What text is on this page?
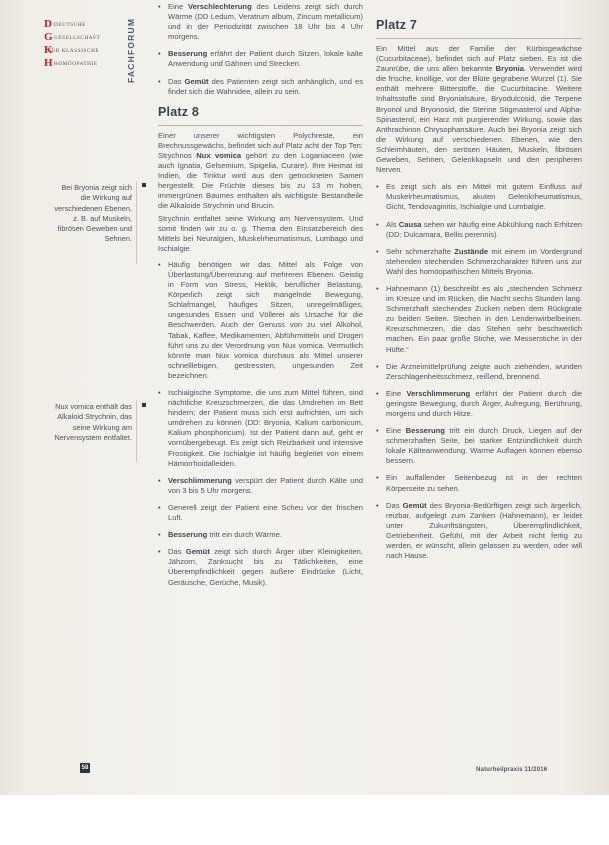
D DEUTSCHE
G GESELLSCHAFT
K
FÜR KLASSISCHE
H HOMÖOPATHIE	FACHFORUM
Bei Bryonia zeigt sich die Wirkung auf verschiedenen Ebenen, z. B. auf Muskeln, fibrösen Geweben und Sehnen.
Nux vomica enthält das Alkaloid Strychnin, das seine Wirkung am Nervensystem entfaltet.
• Eine Verschlechterung des Leidens zeigt sich durch Wärme (DD Ledum, Veratrum album, Zincum metallicum) und in der Periodizität zwischen 18 Uhr bis 4 Uhr morgens.
• Besserung erfährt der Patient durch Sitzen, lokale kalte Anwendung und Gähnen und Strecken.
• Das Gemüt des Patienten zeigt sich anhänglich, und es findet sich die Wahnidee, allein zu sein.
Platz 8

Einer unserer wichtigsten Polychreste, ein Brechnussgewächs, befindet sich auf Platz acht der Top Ten: Strychnos Nux vomica gehört zu den Loganiaceen (wie auch Ignatia, Gelsemium, Spigelia, Curare). Ihre Heimat ist Indien, die Tinktur wird aus den getrockneten Samen hergestellt. Die Früchte dieses bis zu 13 m hohen, immergrünen Baumes enthalten als wichtigste Bestandteile die Alkaloide Strychnin und Brucin.

Strychnin entfaltet seine Wirkung am Nervensystem. Und somit finden wir zu o. g. Thema den Einsatzbereich des Mittels bei Neuralgien, Muskelrheumatismus, Lumbago und Ischialgie.

• Häufig benötigen wir das Mittel als Folge von Überlastung/Überreizung auf mehreren Ebenen. Geistig in Form von Stress, Hektik, beruflicher Belastung, Körperlich zeigt sich mangelnde Bewegung, Schlafmangel, häufiges Sitzen, unregelmäßiges, ungesundes Essen und Völlerei als Ursache für die Beschwerden. Auch der Genuss von zu viel Alkohol, Tabak, Kaffee, Medikamenten, Abführmitteln und Drogen führt uns zu der Verordnung von Nux vomica. Vermutlich könnte man Nux vomica durchaus als Mittel unserer schnelllebigen, gestressten, ungesunden Zeit bezeichnen.
• Ischialgische Symptome, die uns zum Mittel führen, sind nächtliche Kreuzschmerzen, die das Umdrehen im Bett hindern; der Patient muss sich erst aufrichten, um sich umdrehen zu können (DD: Bryonia, Kalium carbonicum, Kalium phosphoricum). Ist der Patient dann auf, geht er vornübergebeugt. Es zeigt sich Reizbarkeit und intensive Frostigkeit. Die Ischialgie ist häufig begleitet von einem Hämorrhoidalleiden.
• Verschlimmerung verspürt der Patient durch Kälte und von 3 bis 5 Uhr morgens.
• Generell zeigt der Patient eine Scheu vor der frischen Luft.
• Besserung tritt ein durch Wärme.
• Das Gemüt zeigt sich durch Ärger über Kleinigkeiten, Jähzorn, Zanksucht bis zu Tätlichkeiten, eine Überempfindlichkeit gegen äußere Eindrücke (Licht, Geräusche, Gerüche, Musik).
Platz 7

Ein Mittel aus der Familie der Kürbisgewächse (Cucurbitaceae), befindet sich auf Platz sieben. Es ist die Zaunrübe, die uns allen bekannte Bryonia. Verwendet wird die frische, knollige, vor der Blüte gegrabene Wurzel (1). Sie enthält mehrere Bitterstoffe, die Cucurbitacine. Weitere Inhaltsstoffe sind Bryonialsäure, Bryodulcosid, die Terpene Bryonol und Bryonosid, die Sterine Stigmasterol und Alpha-Spinasterol, ein Harz mit purgierender Wirkung, sowie das Anthrachinon Chrysophansäure. Auch bei Bryonia zeigt sich die Wirkung auf verschiedenen Ebenen, wie den Schleimhäuten, den serösen Häuten, Muskeln, fibrösen Geweben, Sehnen, Gelenkkapseln und den peripheren Nerven.

• Es zeigt sich als ein Mittel mit gutem Einfluss auf Muskelrheumatismus, akuten Gelenkrheumatismus, Gicht, Tendovaginitis, Ischialgie und Lumbalgie.
• Als Causa sehen wir häufig eine Abkühlung nach Erhitzen (DD: Dulcamara, Bellis perennis).
• Sehr schmerzhafte Zustände mit einem im Vordergrund stehenden stechenden Schmerzcharakter führen uns zur Wahl des homöopathischen Mittels Bryonia.
• Hahnemann (1) beschreibt es als „stechenden Schmerz im Kreuze und im Rücken, die Nacht sechs Stunden lang. Schmerzhaft stechendes Zucken neben dem Rückgrate zu beiden Seiten. Stechen in den Lendenwirbelbeinen. Kreuzschmerzen, die das Stehen sehr beschwerlich machen. Ein paar große Stiche, wie Messerstiche in der Hüfte.“
• Die Arzneimittelprüfung zeigte auch ziehenden, wunden Zerschlagenheitsschmerz, reißend, brennend.
• Eine Verschlimmerung erfährt der Patient durch die geringste Bewegung, durch Ärger, Aufregung, Berührung, morgens und durch Hitze.
• Eine Besserung tritt ein durch Druck, Liegen auf der schmerzhaften Seite, bei starker Entzündlichkeit durch lokale Kälteanwendung. Warme Auflagen können ebenso bessern.
• Ein auffallender Seitenbezug ist in der rechten Körperseite zu sehen.
• Das Gemüt des Bryonia-Bedürftigen zeigt sich ärgerlich, reizbar, aufgelegt zum Zanken (Hahnemann), er leidet unter Zukunftsängsten, Überempfindlichkeit, Getriebenheit. Gefühl, mit der Arbeit nicht fertig zu werden, er wünscht, allein gelassen zu werden, oder will nach Hause.
58	Naturheilpraxis 11/2016
